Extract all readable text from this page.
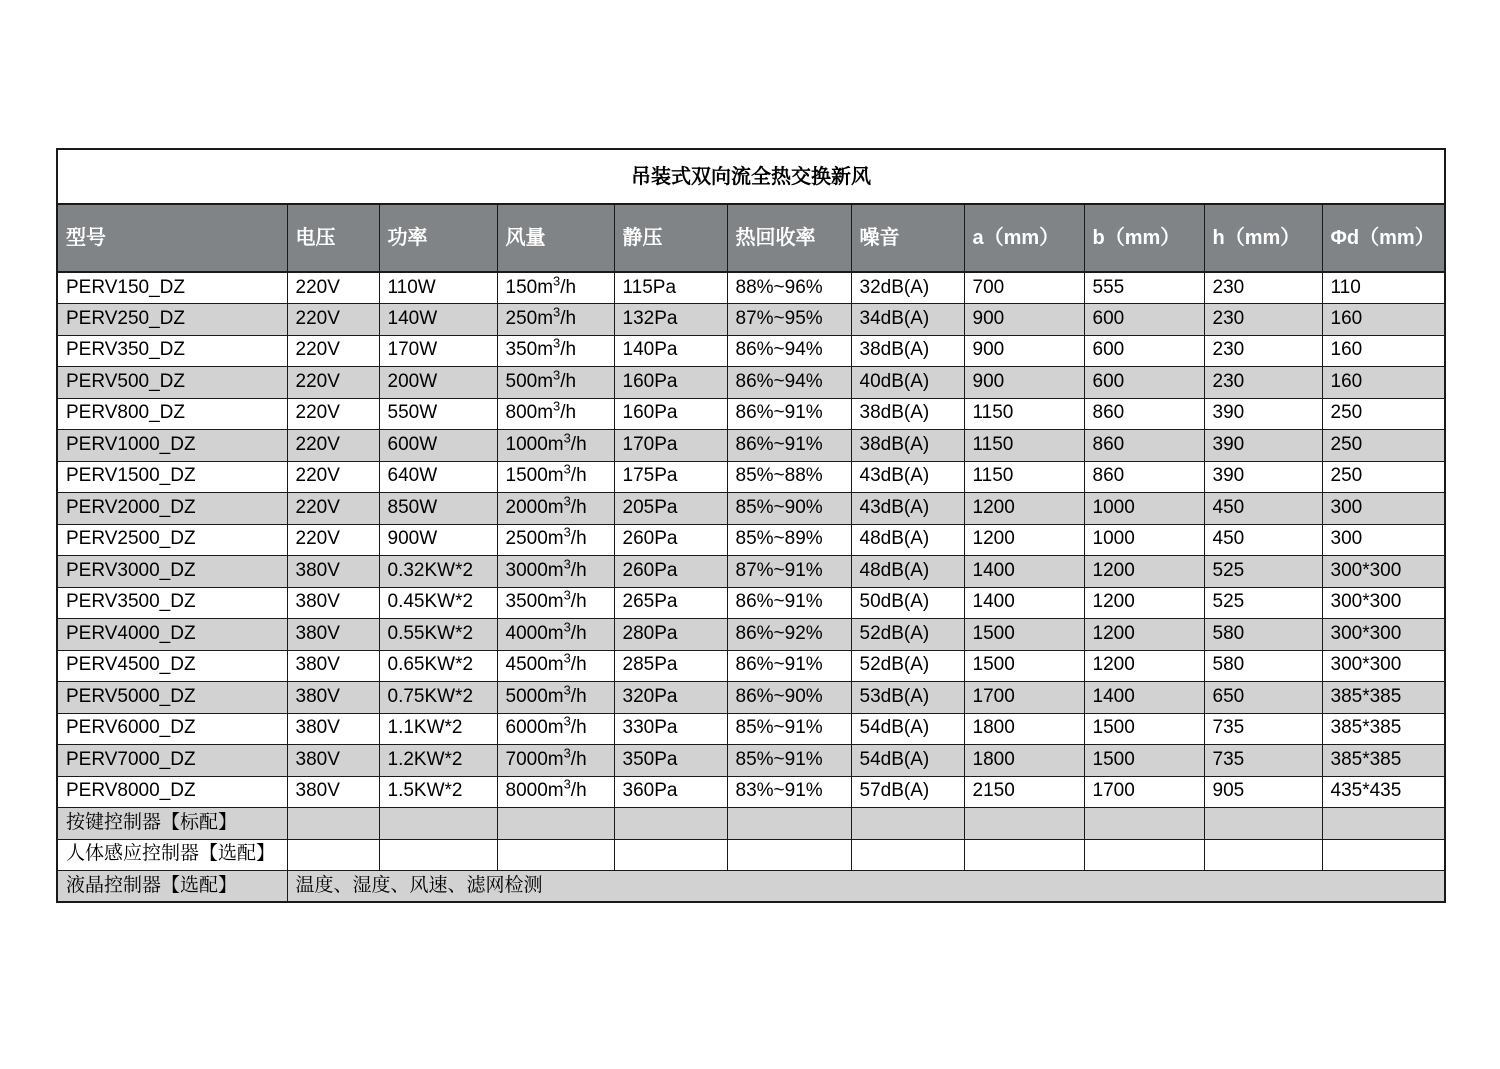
吊装式双向流全热交换新风										
型号	电压	功率	风量	静压	热回收率	噪音	a（mm）	b（mm）	h（mm）	Φd（mm）
PERV150_DZ	220V	110W	$150m^3/h$	115Pa	88%~96%	32dB(A)	700	555	230	110
PERV250_DZ	220V	140W	$250m^3/h$	132Pa	87%~95%	34dB(A)	900	600	230	160
PERV350_DZ	220V	170W	$350m^3/h$	140Pa	86%~94%	38dB(A)	900	600	230	160
PERV500_DZ	220V	200W	$500m^3/h$	160Pa	86%~94%	40dB(A)	900	600	230	160
PERV800_DZ	220V	550W	$800m^3/h$	160Pa	86%~91%	38dB(A)	1150	860	390	250
PERV1000_DZ	220V	600W	$1000m^3/h$	170Pa	86%~91%	38dB(A)	1150	860	390	250
PERV1500_DZ	220V	640W	$1500m^3/h$	175Pa	85%~88%	43dB(A)	1150	860	390	250
PERV2000_DZ	220V	850W	$2000m^3/h$	205Pa	85%~90%	43dB(A)	1200	1000	450	300
PERV2500_DZ	220V	900W	$2500m^3/h$	260Pa	85%~89%	48dB(A)	1200	1000	450	300
PERV3000_DZ	380V	0.32KW*2	$3000m^3/h$	260Pa	87%~91%	48dB(A)	1400	1200	525	300*300
PERV3500_DZ	380V	0.45KW*2	$3500m^3/h$	265Pa	86%~91%	50dB(A)	1400	1200	525	300*300
PERV4000_DZ	380V	0.55KW*2	$4000m^3/h$	280Pa	86%~92%	52dB(A)	1500	1200	580	300*300
PERV4500_DZ	380V	0.65KW*2	$4500m^3/h$	285Pa	86%~91%	52dB(A)	1500	1200	580	300*300
PERV5000_DZ	380V	0.75KW*2	$5000m^3/h$	320Pa	86%~90%	53dB(A)	1700	1400	650	385*385
PERV6000_DZ	380V	1.1KW*2	$6000m^3/h$	330Pa	85%~91%	54dB(A)	1800	1500	735	385*385
PERV7000_DZ	380V	1.2KW*2	$7000m^3/h$	350Pa	85%~91%	54dB(A)	1800	1500	735	385*385
PERV8000_DZ	380V	1.5KW*2	$8000m^3/h$	360Pa	83%~91%	57dB(A)	2150	1700	905	435*435
按键控制器【标配】										
人体感应控制器【选配】										
液晶控制器【选配】	温度、湿度、风速、滤网检测									
